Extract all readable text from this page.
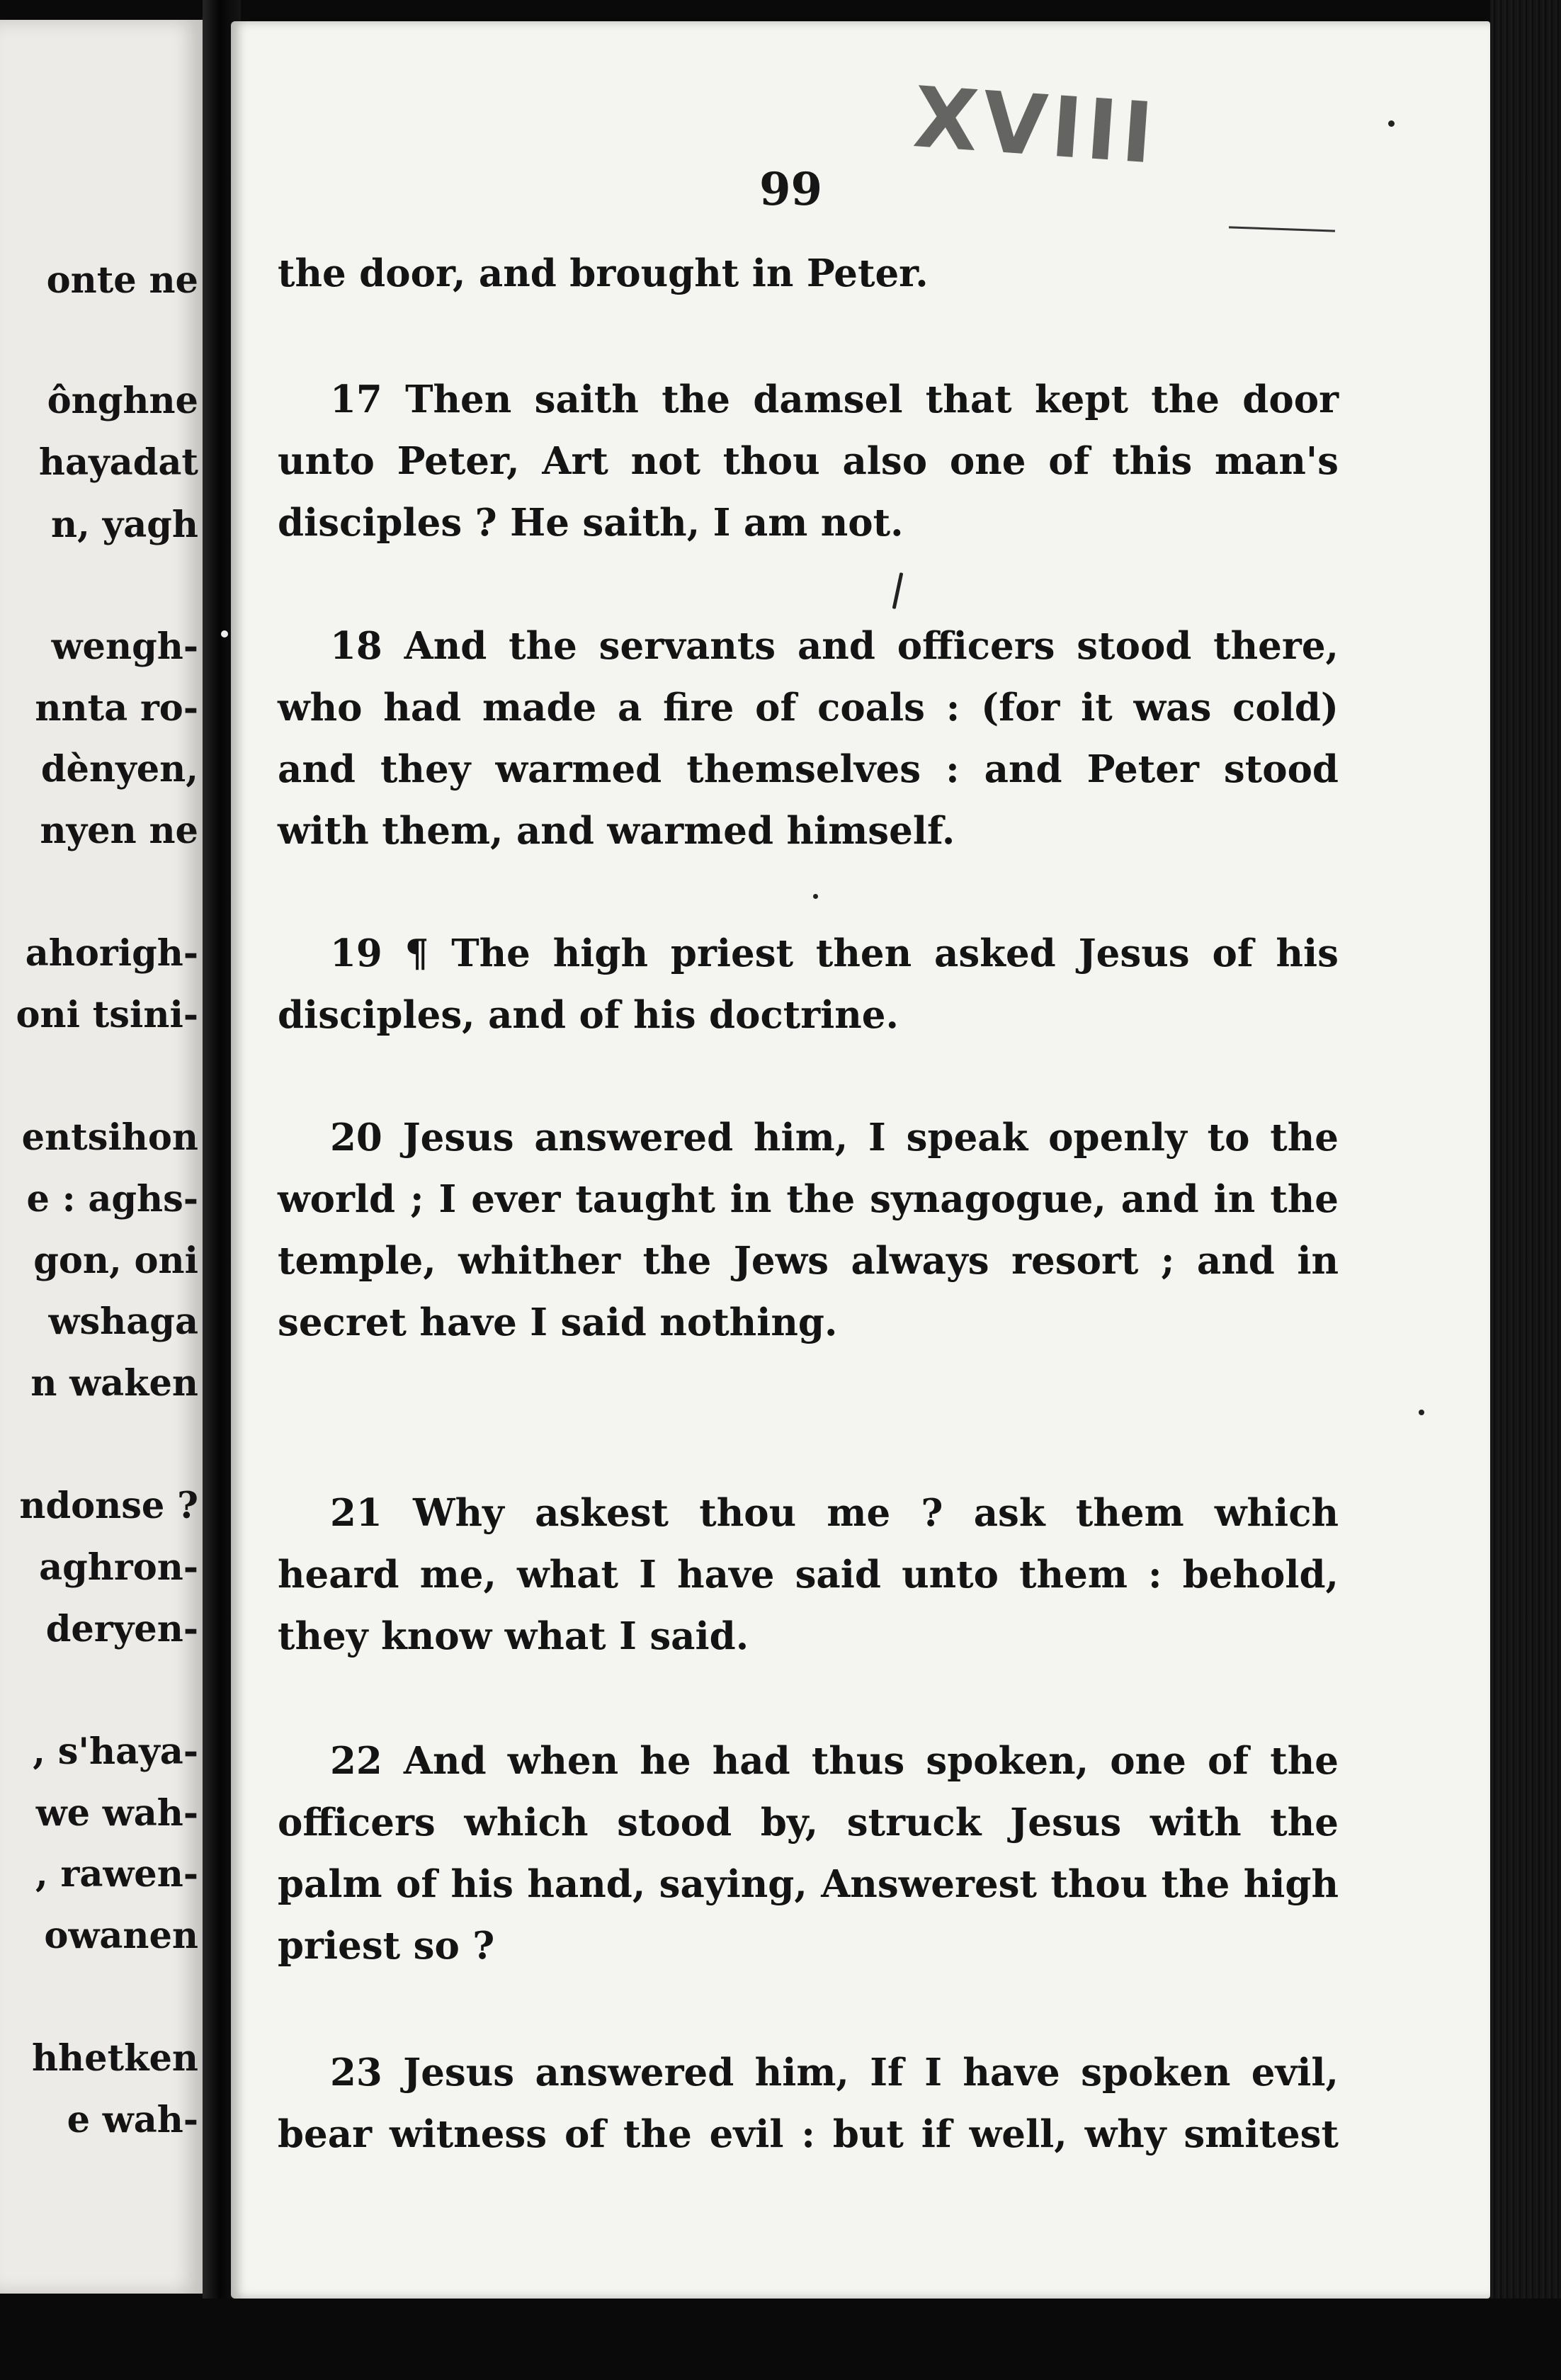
onte ne
ônghne
hayadat
n, yagh
wengh-
nnta ro-
dènyen,
nyen ne
ahorigh-
oni tsini-
entsihon
e : aghs-
gon, oni
wshaga
n waken
ndonse ?
aghron-
deryen-
, s'haya-
we wah-
, rawen-
owanen
hhetken
e wah-
XVIII
99
the door, and brought in Peter.
17 Then saith the damsel that kept the door
unto Peter, Art not thou also one of this man's
disciples ? He saith, I am not.
18 And the servants and officers stood there,
who had made a fire of coals : (for it was cold)
and they warmed themselves : and Peter stood
with them, and warmed himself.
19 ¶ The high priest then asked Jesus of his
disciples, and of his doctrine.
20 Jesus answered him, I speak openly to the
world ; I ever taught in the synagogue, and in the
temple, whither the Jews always resort ; and in
secret have I said nothing.
21 Why askest thou me ? ask them which
heard me, what I have said unto them : behold,
they know what I said.
22 And when he had thus spoken, one of the
officers which stood by, struck Jesus with the
palm of his hand, saying, Answerest thou the high
priest so ?
23 Jesus answered him, If I have spoken evil,
bear witness of the evil : but if well, why smitest
